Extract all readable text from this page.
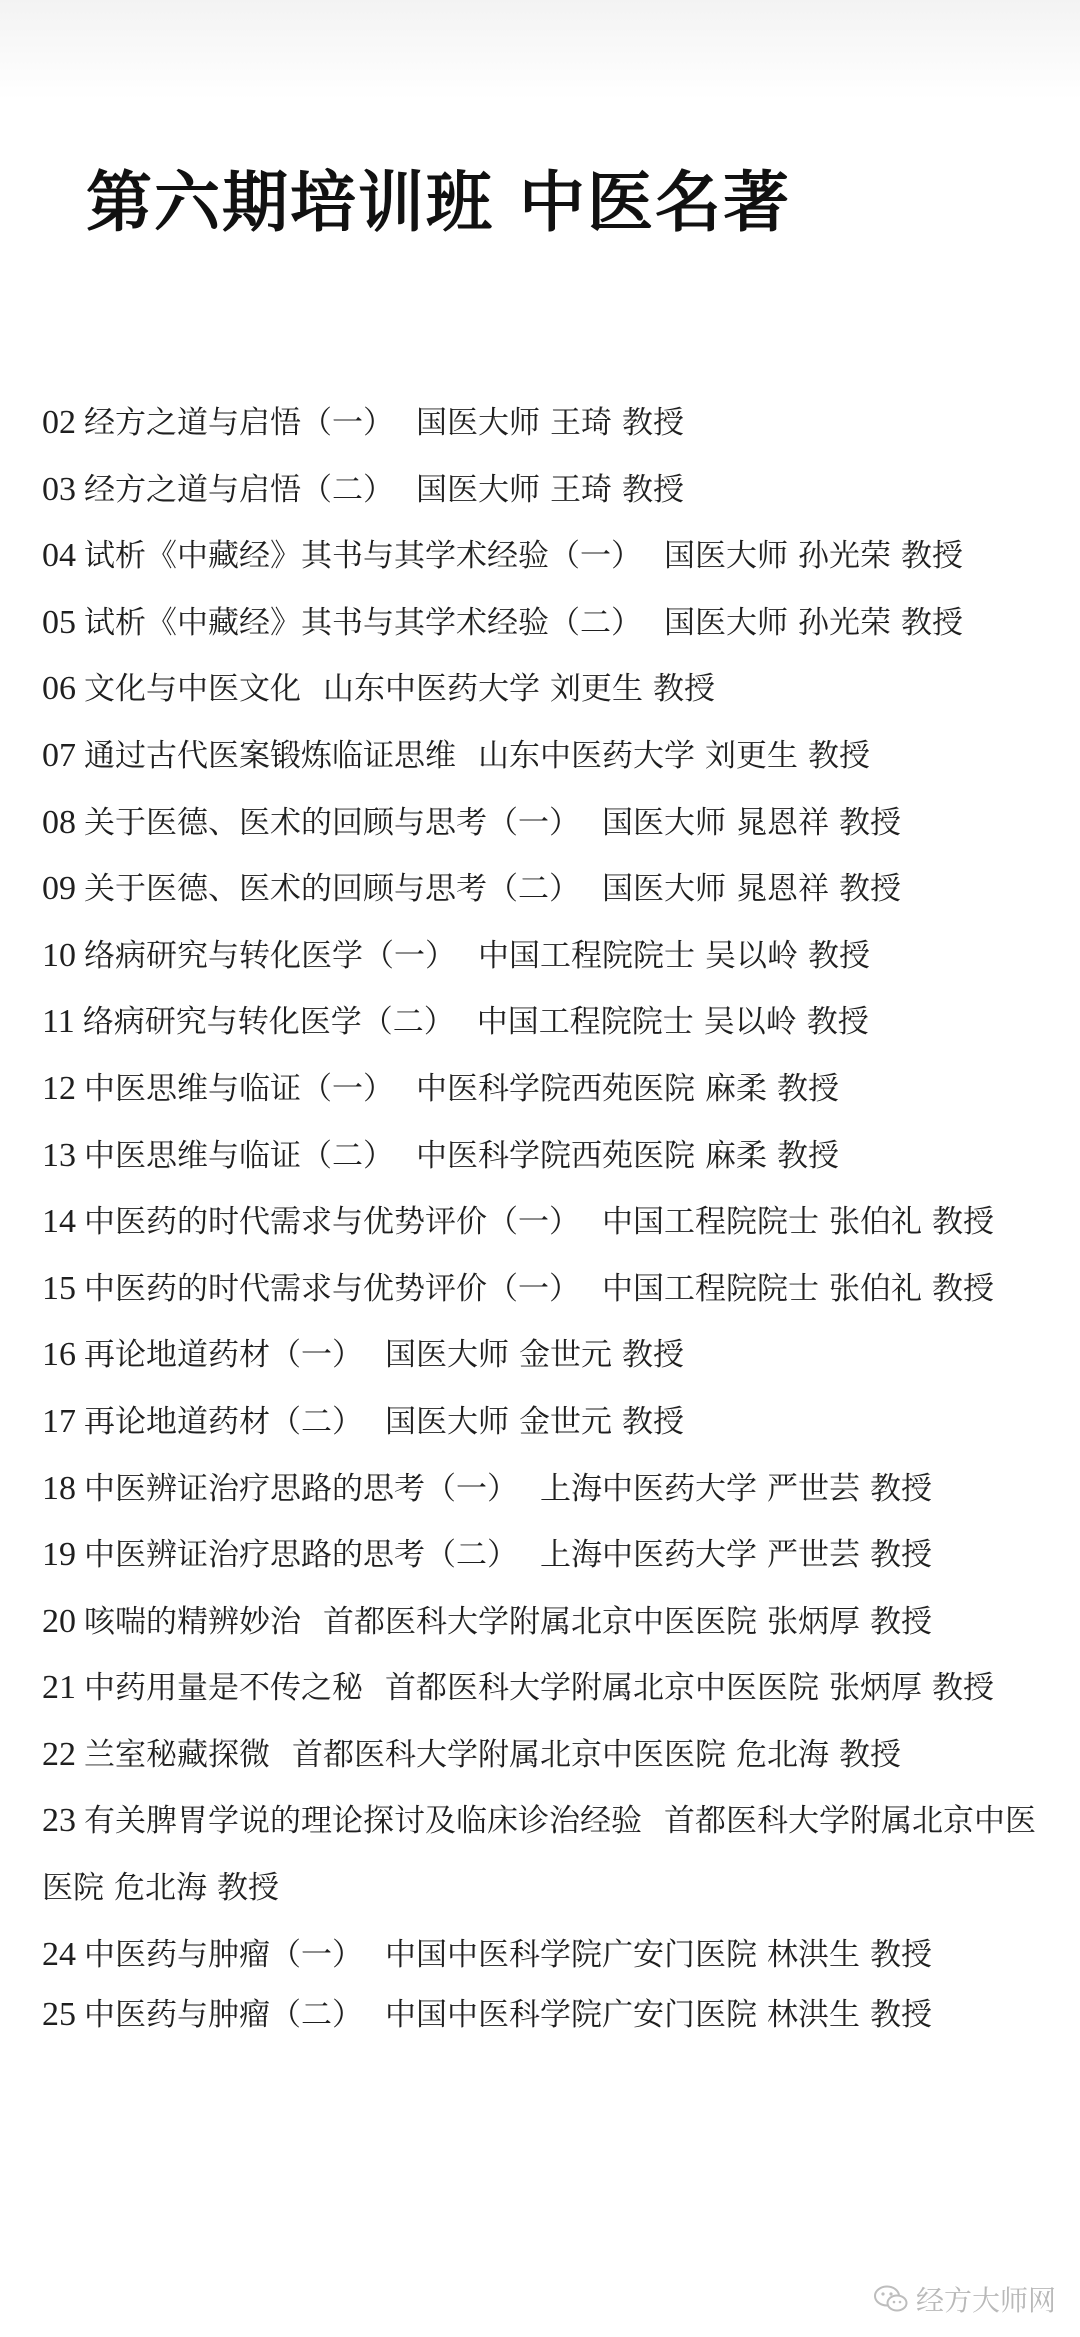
第六期培训班 中医名著
02 经方之道与启悟（一） 国医大师 王琦 教授
03 经方之道与启悟（二） 国医大师 王琦 教授
04 试析《中藏经》其书与其学术经验（一） 国医大师 孙光荣 教授
05 试析《中藏经》其书与其学术经验（二） 国医大师 孙光荣 教授
06 文化与中医文化 山东中医药大学 刘更生 教授
07 通过古代医案锻炼临证思维 山东中医药大学 刘更生 教授
08 关于医德、医术的回顾与思考（一） 国医大师 晁恩祥 教授
09 关于医德、医术的回顾与思考（二） 国医大师 晁恩祥 教授
10 络病研究与转化医学（一） 中国工程院院士 吴以岭 教授
11 络病研究与转化医学（二） 中国工程院院士 吴以岭 教授
12 中医思维与临证（一） 中医科学院西苑医院 麻柔 教授
13 中医思维与临证（二） 中医科学院西苑医院 麻柔 教授
14 中医药的时代需求与优势评价（一） 中国工程院院士 张伯礼 教授
15 中医药的时代需求与优势评价（一） 中国工程院院士 张伯礼 教授
16 再论地道药材（一） 国医大师 金世元 教授
17 再论地道药材（二） 国医大师 金世元 教授
18 中医辨证治疗思路的思考（一） 上海中医药大学 严世芸 教授
19 中医辨证治疗思路的思考（二） 上海中医药大学 严世芸 教授
20 咳喘的精辨妙治 首都医科大学附属北京中医医院 张炳厚 教授
21 中药用量是不传之秘 首都医科大学附属北京中医医院 张炳厚 教授
22 兰室秘藏探微 首都医科大学附属北京中医医院 危北海 教授
23 有关脾胃学说的理论探讨及临床诊治经验 首都医科大学附属北京中医医院 危北海 教授
24 中医药与肿瘤（一） 中国中医科学院广安门医院 林洪生 教授
25 中医药与肿瘤（二） 中国中医科学院广安门医院 林洪生 教授
经方大师网
